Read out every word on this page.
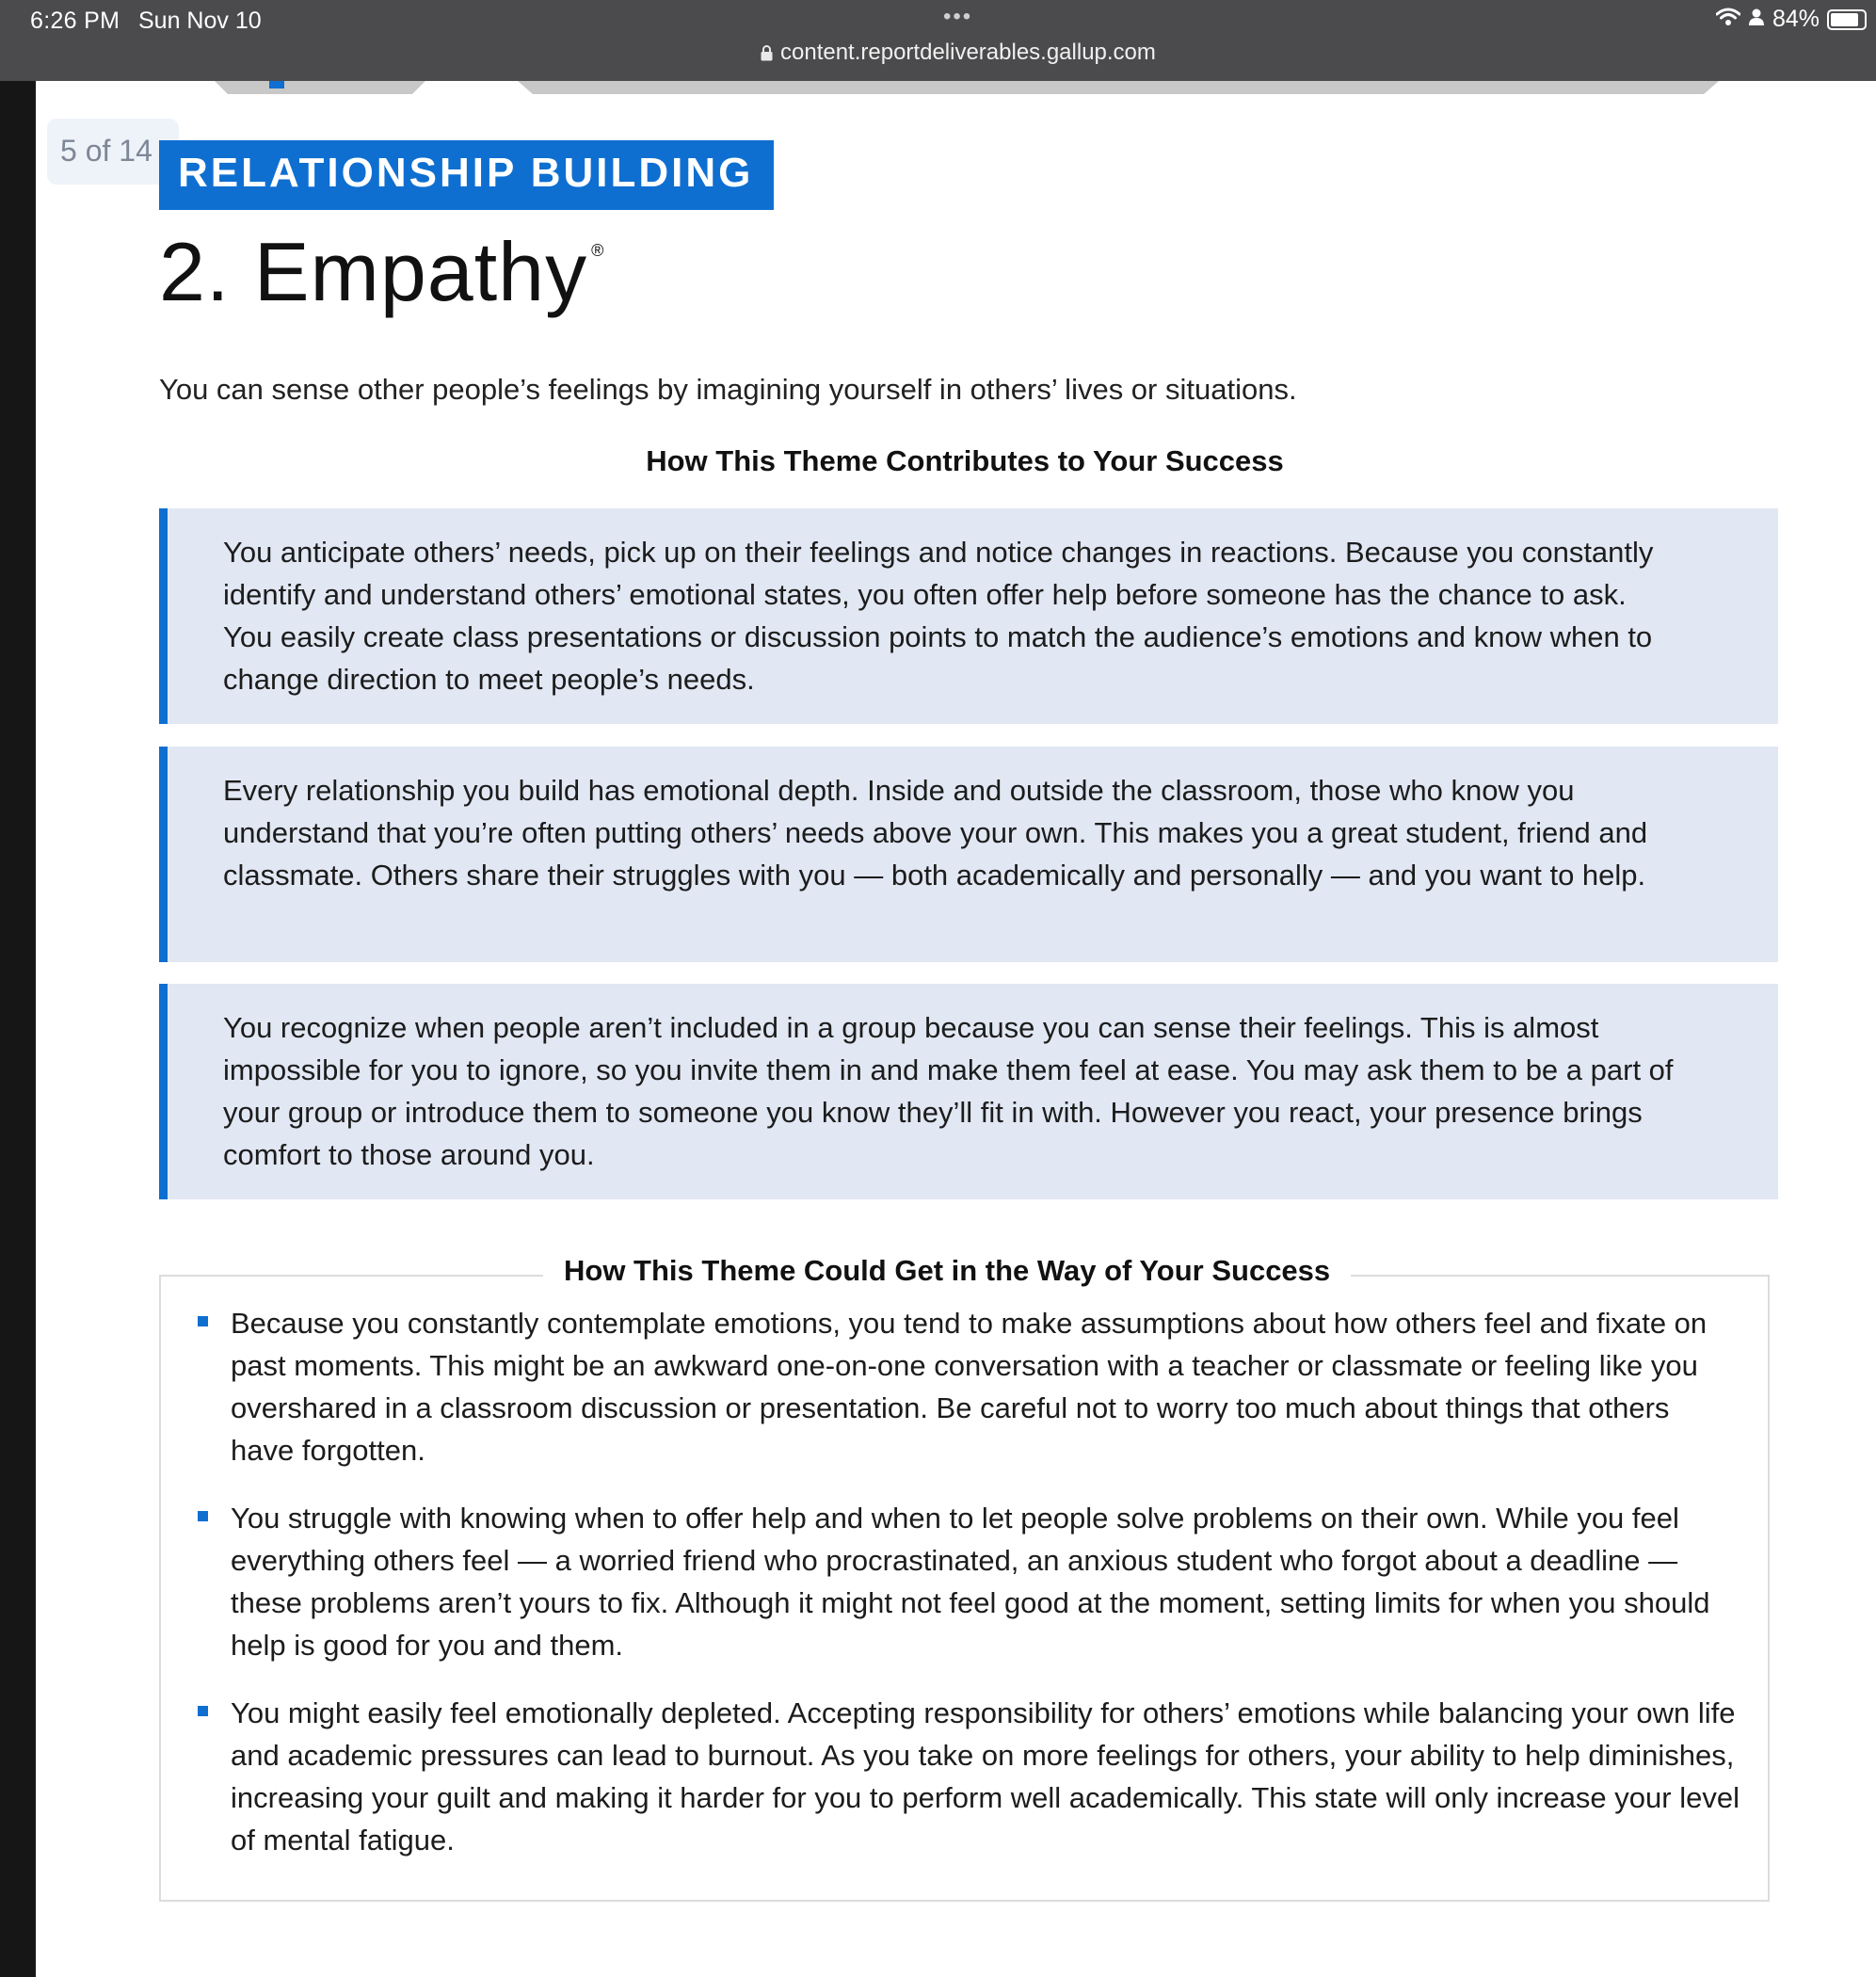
6:26 PM Sun Nov 10	•••
content.reportdeliverables.gallup.com
84%
5 of 14 RELATIONSHIP BUILDING
2. Empathy ®
You can sense other people’s feelings by imagining yourself in others’ lives or situations.
How This Theme Contributes to Your Success
You anticipate others’ needs, pick up on their feelings and notice changes in reactions. Because you constantly identify and understand others’ emotional states, you often offer help before someone has the chance to ask. You easily create class presentations or discussion points to match the audience’s emotions and know when to change direction to meet people’s needs.
Every relationship you build has emotional depth. Inside and outside the classroom, those who know you understand that you’re often putting others’ needs above your own. This makes you a great student, friend and classmate. Others share their struggles with you — both academically and personally — and you want to help.
You recognize when people aren’t included in a group because you can sense their feelings. This is almost impossible for you to ignore, so you invite them in and make them feel at ease. You may ask them to be a part of your group or introduce them to someone you know they’ll fit in with. However you react, your presence brings comfort to those around you.
How This Theme Could Get in the Way of Your Success
Because you constantly contemplate emotions, you tend to make assumptions about how others feel and fixate on past moments. This might be an awkward one-on-one conversation with a teacher or classmate or feeling like you overshared in a classroom discussion or presentation. Be careful not to worry too much about things that others have forgotten.
You struggle with knowing when to offer help and when to let people solve problems on their own. While you feel everything others feel — a worried friend who procrastinated, an anxious student who forgot about a deadline — these problems aren’t yours to fix. Although it might not feel good at the moment, setting limits for when you should help is good for you and them.
You might easily feel emotionally depleted. Accepting responsibility for others’ emotions while balancing your own life and academic pressures can lead to burnout. As you take on more feelings for others, your ability to help diminishes, increasing your guilt and making it harder for you to perform well academically. This state will only increase your level of mental fatigue.
